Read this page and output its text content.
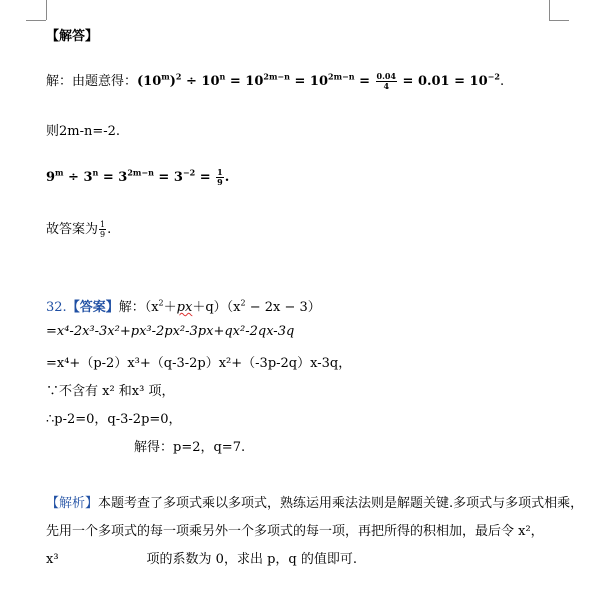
【解答】
解：由题意得：$(10^m)^2 \div 10^n = 10^{2m-n} = 10^{2m-n} = \frac{0.04}{4} = 0.01 = 10^{-2}$.
则2m-n=-2.
$9^m \div 3^n = 3^{2m-n} = 3^{-2} = \frac{1}{9}$ .
故答案为 $\frac{1}{9}$ .
32.【答案】解：$(x^2+px+q)(x^2 - 2x - 3)$
=x⁴-2x³-3x²+px³-2px²-3px+qx²-2qx-3q
=x⁴+（p-2）x³+（q-3-2p）x²+（-3p-2q）x-3q，
∵不含有 x² 和x³ 项，
∴p-2=0，q-3-2p=0，
解得：p=2，q=7.
【解析】本题考查了多项式乘以多项式，熟练运用乘法法则是解题关键.多项式与多项式相乘，
先用一个多项式的每一项乘另外一个多项式的每一项，再把所得的积相加，最后令 x²，
x³	项的系数为 0，求出 p，q 的值即可.
